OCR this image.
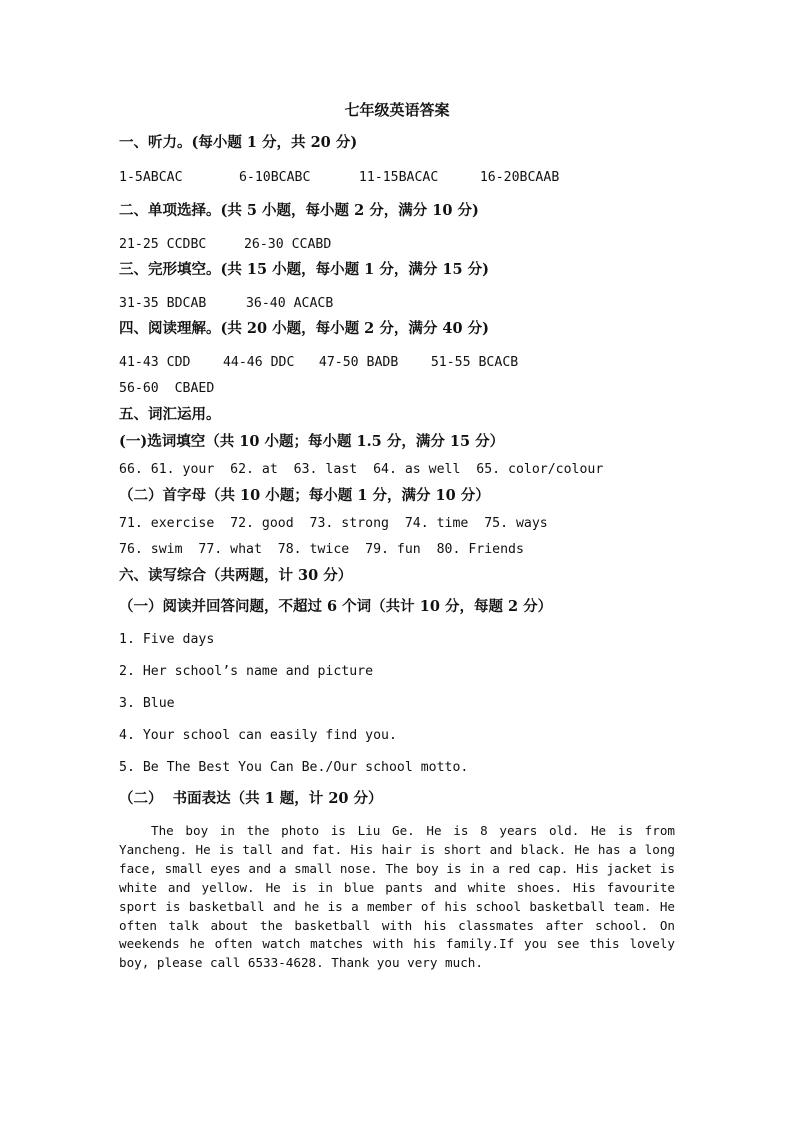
七年级英语答案
一、听力。(每小题 1 分，共 20 分)
1-5ABCAC	6-10BCABC	11-15BACAC	16-20BCAAB
二、单项选择。(共 5 小题，每小题 2 分，满分 10 分)
21-25 CCDBC	26-30 CCABD
三、完形填空。(共 15 小题，每小题 1 分，满分 15 分)
31-35 BDCAB	36-40 ACACB
四、阅读理解。(共 20 小题，每小题 2 分，满分 40 分)
41-43 CDD 44-46 DDC 47-50 BADB 51-55 BCACB
56-60  CBAED
五、词汇运用。
(一)选词填空（共 10 小题；每小题 1.5 分，满分 15 分）
66. 61. your  62. at  63. last  64. as well  65. color/colour
（二）首字母（共 10 小题；每小题 1 分，满分 10 分）
71. exercise  72. good  73. strong  74. time  75. ways
76. swim  77. what  78. twice  79. fun  80. Friends
六、读写综合（共两题，计 30 分）
（一）阅读并回答问题，不超过 6 个词（共计 10 分，每题 2 分）
1. Five days
2. Her school’s name and picture
3. Blue
4. Your school can easily find you.
5. Be The Best You Can Be./Our school motto.
（二）  书面表达（共 1 题，计 20 分）
The boy in the photo is Liu Ge. He is 8 years old. He is from Yancheng. He is tall and fat. His hair is short and black. He has a long face, small eyes and a small nose. The boy is in a red cap. His jacket is white and yellow. He is in blue pants and white shoes. His favourite sport is basketball and he is a member of his school basketball team. He often talk about the basketball with his classmates after school. On weekends he often watch matches with his family.If you see this lovely boy, please call 6533-4628. Thank you very much.
